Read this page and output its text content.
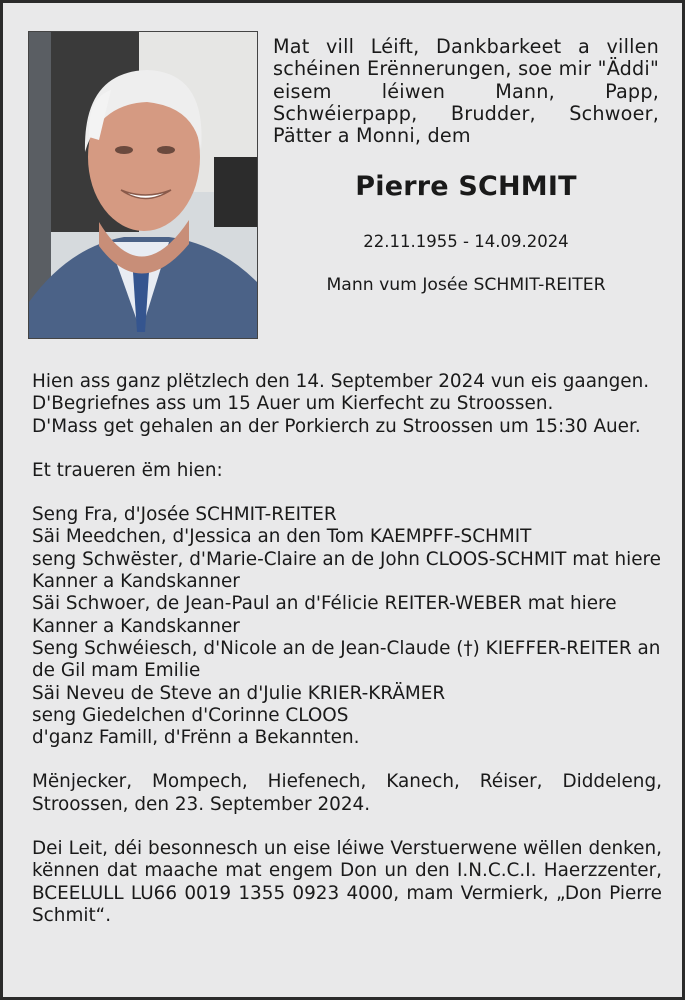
Mat vill Léift, Dankbarkeet a villen schéinen Erënnerungen, soe mir "Äddi" eisem léiwen Mann, Papp, Schwéierpapp, Brudder, Schwoer, Pätter a Monni, dem
Pierre SCHMIT
22.11.1955 - 14.09.2024
Mann vum Josée SCHMIT-REITER

Hien ass ganz plëtzlech den 14. September 2024 vun eis gaangen.

D'Begriefnes ass um 15 Auer um Kierfecht zu Stroossen.

D'Mass get gehalen an der Porkierch zu Stroossen um 15:30 Auer.

Et traueren ëm hien:

Seng Fra, d'Josée SCHMIT-REITER

Säi Meedchen, d'Jessica an den Tom KAEMPFF-SCHMIT

seng Schwëster, d'Marie-Claire an de John CLOOS-SCHMIT mat hiere Kanner a Kandskanner

Säi Schwoer, de Jean-Paul an d'Félicie REITER-WEBER mat hiere Kanner a Kandskanner

Seng Schwéiesch, d'Nicole an de Jean-Claude (†) KIEFFER-REITER an de Gil mam Emilie

Säi Neveu de Steve an d'Julie KRIER-KRÄMER

seng Giedelchen d'Corinne CLOOS

d'ganz Famill, d'Frënn a Bekannten.

Mënjecker, Mompech, Hiefenech, Kanech, Réiser, Diddeleng, Stroossen, den 23. September 2024.

Dei Leit, déi besonnesch un eise léiwe Verstuerwene wëllen denken, kënnen dat maache mat engem Don un den I.N.C.C.I. Haerzzenter, BCEELULL LU66 0019 1355 0923 4000, mam Vermierk, „Don Pierre Schmit“.
